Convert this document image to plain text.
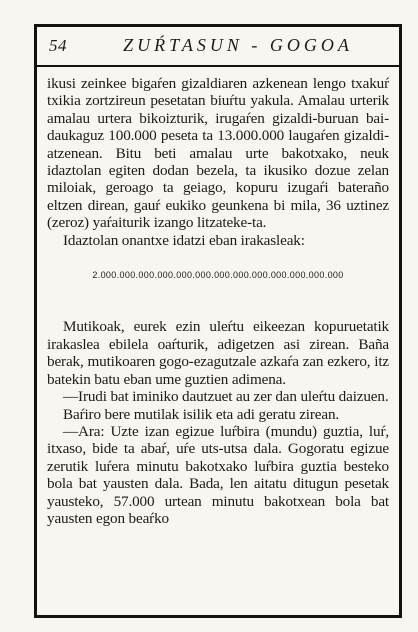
54	ZUŔTASUN - GOGOA

ikusi zeinkee bigaŕen gizaldiaren azkenean lengo txakuŕ txikia zortzireun pesetatan biuŕtu yakula. Amalau urterik amalau urtera bikoizturik, irugaŕen gizaldi-buruan bai-daukaguz 100.000 peseta ta 13.000.000 laugaŕen gizaldi-atzenean. Bitu beti amalau urte bakotxako, neuk idaztolan egiten dodan bezela, ta ikusiko dozue zelan miloiak, geroago ta geiago, kopuru izugaŕi bateraño eltzen direan, gauŕ eukiko geunkena bi mila, 36 uztinez (zeroz) yaŕaiturik izango litzateke-ta.

Idaztolan onantxe idatzi eban irakasleak:

2.000.000.000.000.000.000.000.000.000.000.000.000.000

Mutikoak, eurek ezin uleŕtu eikeezan kopuruetatik irakaslea ebilela oaŕturik, adigetzen asi zirean. Baña berak, mutikoaren gogo-ezagutzale azkaŕa zan ezkero, itz batekin batu eban ume guztien adimena.

—Irudi bat iminiko dautzuet au zer dan uleŕtu daizuen.

Baŕiro bere mutilak isilik eta adi geratu zirean.

—Ara: Uzte izan egizue luŕbira (mundu) guztia, luŕ, itxaso, bide ta abaŕ, uŕe uts-utsa dala. Gogoratu egizue zerutik luŕera minutu bakotxako luŕbira guztia besteko bola bat yausten dala. Bada, len aitatu ditugun pesetak yausteko, 57.000 urtean minutu bakotxean bola bat yausten egon beaŕko
